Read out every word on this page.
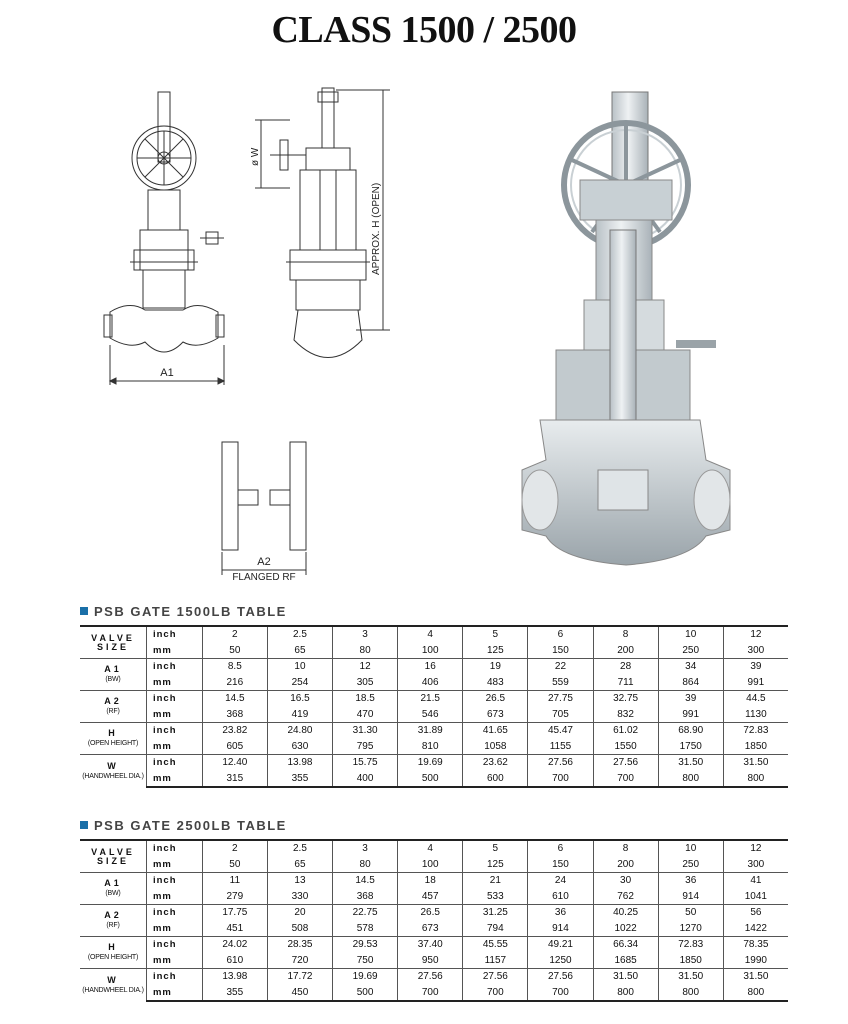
CLASS 1500 / 2500
A1
ø W
APPROX. H (OPEN)
A2
FLANGED RF
PSB GATE 1500LB TABLE
VALVE
SIZE	inch	2	2.5	3	4	5	6	8	10	12
	mm	50	65	80	100	125	150	200	250	300
A1
(BW)	inch	8.5	10	12	16	19	22	28	34	39
	mm	216	254	305	406	483	559	711	864	991
A2
(RF)	inch	14.5	16.5	18.5	21.5	26.5	27.75	32.75	39	44.5
	mm	368	419	470	546	673	705	832	991	1130
H
(OPEN HEIGHT)	inch	23.82	24.80	31.30	31.89	41.65	45.47	61.02	68.90	72.83
	mm	605	630	795	810	1058	1155	1550	1750	1850
W
(HANDWHEEL DIA.)	inch	12.40	13.98	15.75	19.69	23.62	27.56	27.56	31.50	31.50
	mm	315	355	400	500	600	700	700	800	800
PSB GATE 2500LB TABLE
VALVE
SIZE	inch	2	2.5	3	4	5	6	8	10	12
	mm	50	65	80	100	125	150	200	250	300
A1
(BW)	inch	11	13	14.5	18	21	24	30	36	41
	mm	279	330	368	457	533	610	762	914	1041
A2
(RF)	inch	17.75	20	22.75	26.5	31.25	36	40.25	50	56
	mm	451	508	578	673	794	914	1022	1270	1422
H
(OPEN HEIGHT)	inch	24.02	28.35	29.53	37.40	45.55	49.21	66.34	72.83	78.35
	mm	610	720	750	950	1157	1250	1685	1850	1990
W
(HANDWHEEL DIA.)	inch	13.98	17.72	19.69	27.56	27.56	27.56	31.50	31.50	31.50
	mm	355	450	500	700	700	700	800	800	800
